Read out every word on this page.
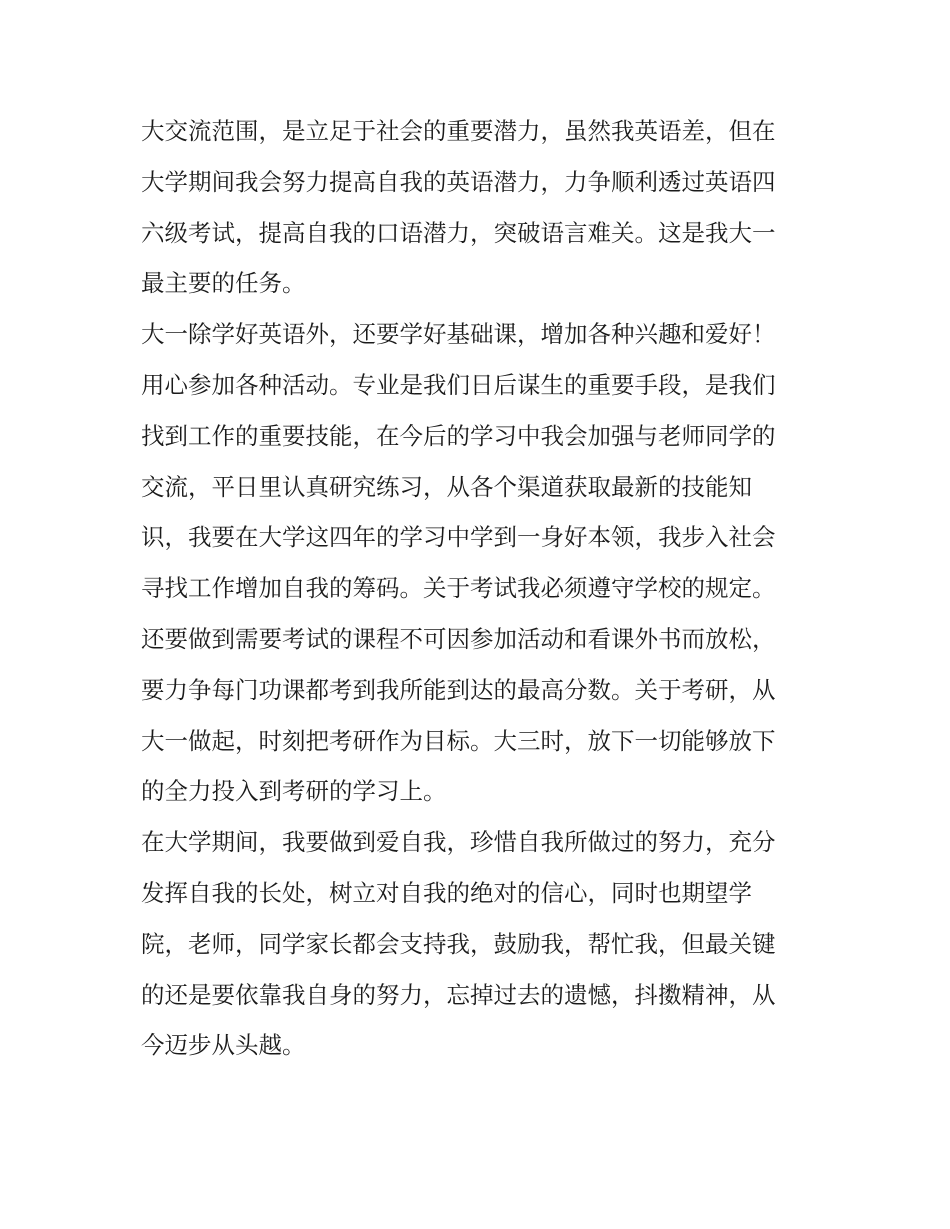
大交流范围，是立足于社会的重要潜力，虽然我英语差，但在
大学期间我会努力提高自我的英语潜力，力争顺利透过英语四
六级考试，提高自我的口语潜力，突破语言难关。这是我大一
最主要的任务。
大一除学好英语外，还要学好基础课，增加各种兴趣和爱好！
用心参加各种活动。专业是我们日后谋生的重要手段，是我们
找到工作的重要技能，在今后的学习中我会加强与老师同学的
交流，平日里认真研究练习，从各个渠道获取最新的技能知
识，我要在大学这四年的学习中学到一身好本领，我步入社会
寻找工作增加自我的筹码。关于考试我必须遵守学校的规定。
还要做到需要考试的课程不可因参加活动和看课外书而放松，
要力争每门功课都考到我所能到达的最高分数。关于考研，从
大一做起，时刻把考研作为目标。大三时，放下一切能够放下
的全力投入到考研的学习上。
在大学期间，我要做到爱自我，珍惜自我所做过的努力，充分
发挥自我的长处，树立对自我的绝对的信心，同时也期望学
院，老师，同学家长都会支持我，鼓励我，帮忙我，但最关键
的还是要依靠我自身的努力，忘掉过去的遗憾，抖擞精神，从
今迈步从头越。
